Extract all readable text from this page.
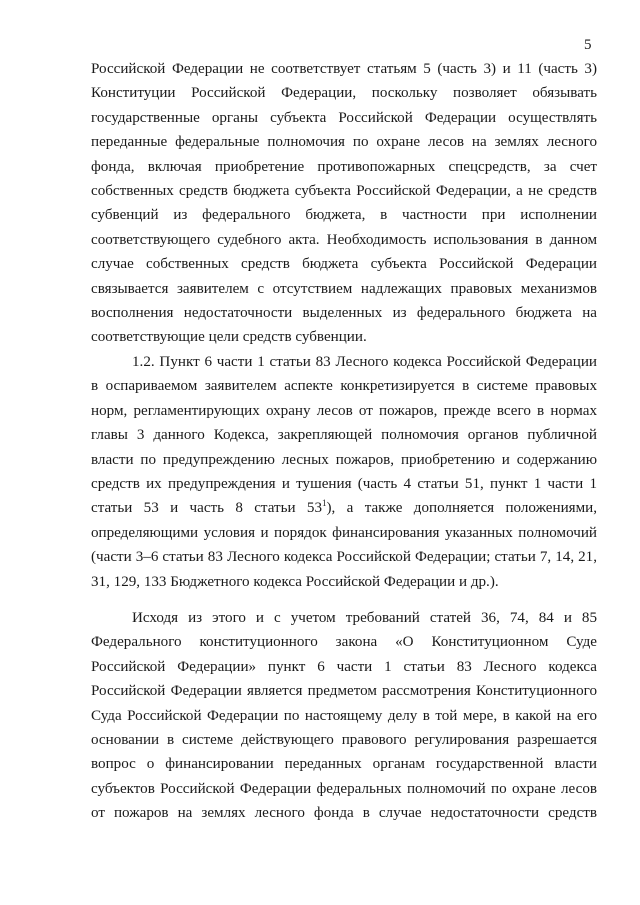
5

Российской Федерации не соответствует статьям 5 (часть 3) и 11 (часть 3) Конституции Российской Федерации, поскольку позволяет обязывать государственные органы субъекта Российской Федерации осуществлять переданные федеральные полномочия по охране лесов на землях лесного фонда, включая приобретение противопожарных спецсредств, за счет собственных средств бюджета субъекта Российской Федерации, а не средств субвенций из федерального бюджета, в частности при исполнении соответствующего судебного акта. Необходимость использования в данном случае собственных средств бюджета субъекта Российской Федерации связывается заявителем с отсутствием надлежащих правовых механизмов восполнения недостаточности выделенных из федерального бюджета на соответствующие цели средств субвенции.

1.2. Пункт 6 части 1 статьи 83 Лесного кодекса Российской Федерации в оспариваемом заявителем аспекте конкретизируется в системе правовых норм, регламентирующих охрану лесов от пожаров, прежде всего в нормах главы 3 данного Кодекса, закрепляющей полномочия органов публичной власти по предупреждению лесных пожаров, приобретению и содержанию средств их предупреждения и тушения (часть 4 статьи 51, пункт 1 части 1 статьи 53 и часть 8 статьи $53^1$), а также дополняется положениями, определяющими условия и порядок финансирования указанных полномочий (части 3–6 статьи 83 Лесного кодекса Российской Федерации; статьи 7, 14, 21, 31, 129, 133 Бюджетного кодекса Российской Федерации и др.).

Исходя из этого и с учетом требований статей 36, 74, 84 и 85 Федерального конституционного закона «О Конституционном Суде Российской Федерации» пункт 6 части 1 статьи 83 Лесного кодекса Российской Федерации является предметом рассмотрения Конституционного Суда Российской Федерации по настоящему делу в той мере, в какой на его основании в системе действующего правового регулирования разрешается вопрос о финансировании переданных органам государственной власти субъектов Российской Федерации федеральных полномочий по охране лесов от пожаров на землях лесного фонда в случае недостаточности средств
